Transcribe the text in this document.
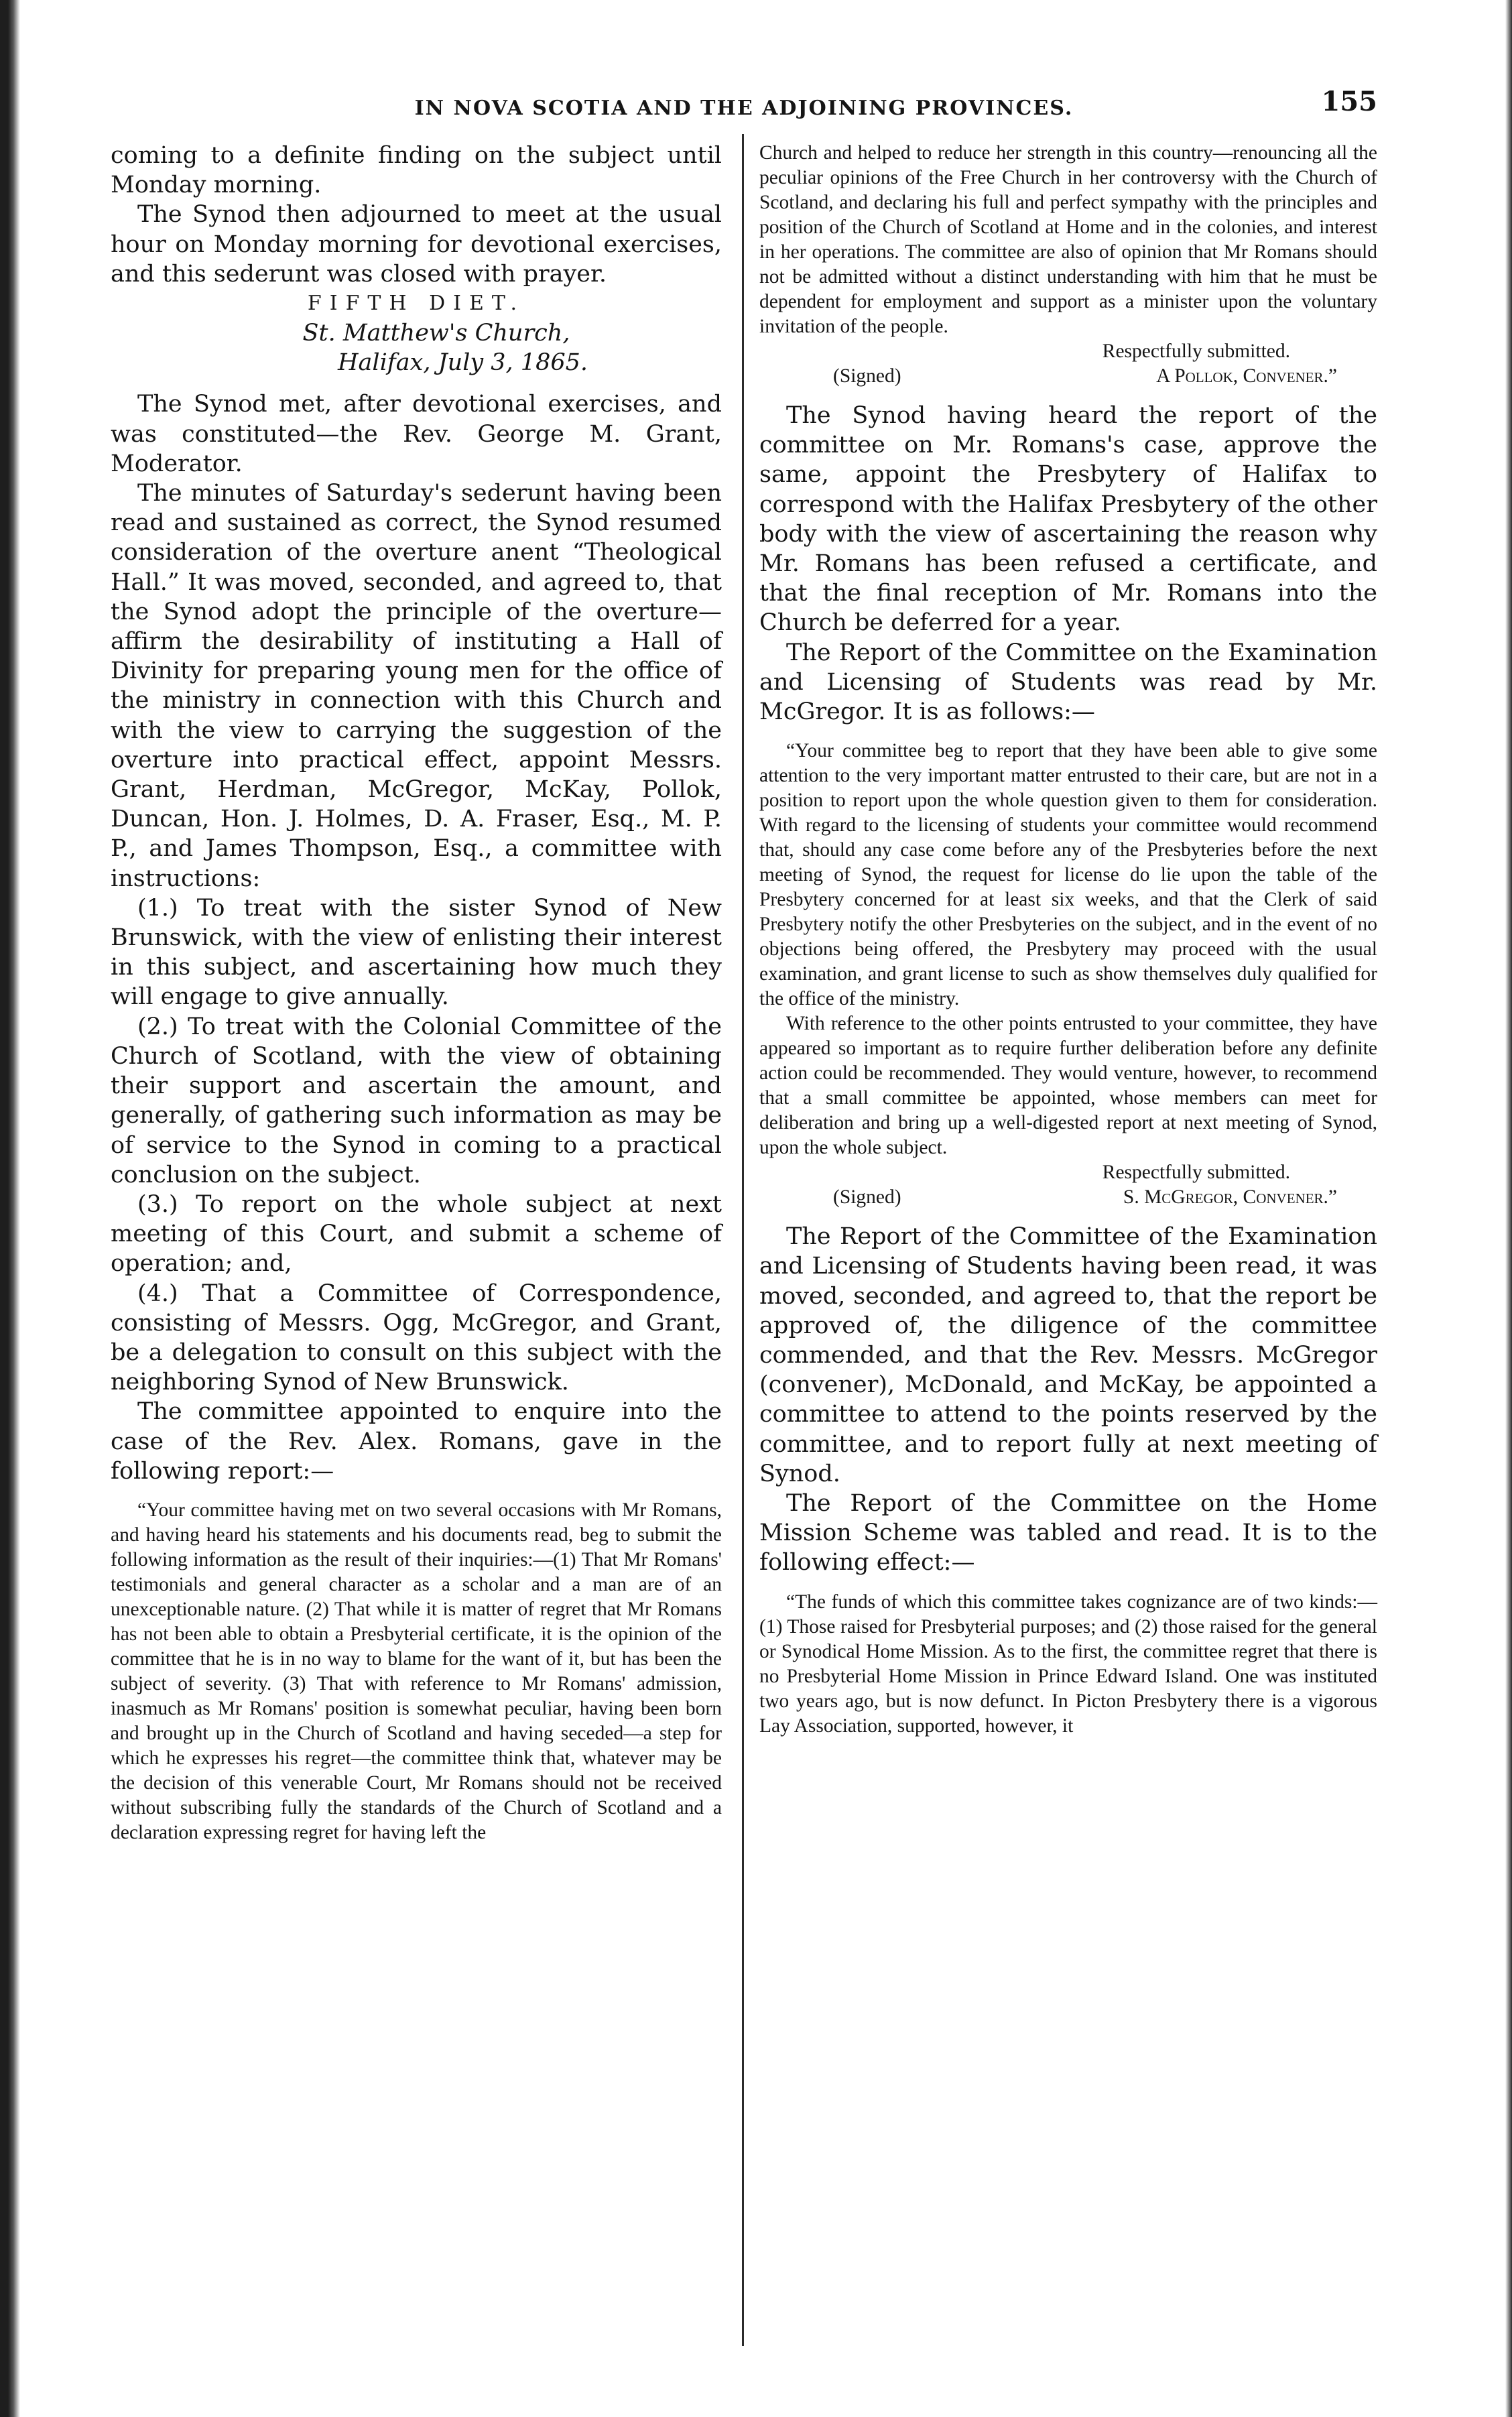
IN NOVA SCOTIA AND THE ADJOINING PROVINCES.	155

coming to a definite finding on the subject until Monday morning.

The Synod then adjourned to meet at the usual hour on Monday morning for devotional exercises, and this sederunt was closed with prayer.

FIFTH DIET.

St. Matthew's Church,
Halifax, July 3, 1865.

The Synod met, after devotional exercises, and was constituted—the Rev. George M. Grant, Moderator.

The minutes of Saturday's sederunt having been read and sustained as correct, the Synod resumed consideration of the overture anent “Theological Hall.” It was moved, seconded, and agreed to, that the Synod adopt the principle of the overture—affirm the desirability of instituting a Hall of Divinity for preparing young men for the office of the ministry in connection with this Church and with the view to carrying the suggestion of the overture into practical effect, appoint Messrs. Grant, Herdman, McGregor, McKay, Pollok, Duncan, Hon. J. Holmes, D. A. Fraser, Esq., M. P. P., and James Thompson, Esq., a committee with instructions:

(1.) To treat with the sister Synod of New Brunswick, with the view of enlisting their interest in this subject, and ascertaining how much they will engage to give annually.

(2.) To treat with the Colonial Committee of the Church of Scotland, with the view of obtaining their support and ascertain the amount, and generally, of gathering such information as may be of service to the Synod in coming to a practical conclusion on the subject.

(3.) To report on the whole subject at next meeting of this Court, and submit a scheme of operation; and,

(4.) That a Committee of Correspondence, consisting of Messrs. Ogg, McGregor, and Grant, be a delegation to consult on this subject with the neighboring Synod of New Brunswick.

The committee appointed to enquire into the case of the Rev. Alex. Romans, gave in the following report:—

“Your committee having met on two several occasions with Mr Romans, and having heard his statements and his documents read, beg to submit the following information as the result of their inquiries:—(1) That Mr Romans' testimonials and general character as a scholar and a man are of an unexceptionable nature. (2) That while it is matter of regret that Mr Romans has not been able to obtain a Presbyterial certificate, it is the opinion of the committee that he is in no way to blame for the want of it, but has been the subject of severity. (3) That with reference to Mr Romans' admission, inasmuch as Mr Romans' position is somewhat peculiar, having been born and brought up in the Church of Scotland and having seceded—a step for which he expresses his regret—the committee think that, whatever may be the decision of this venerable Court, Mr Romans should not be received without subscribing fully the standards of the Church of Scotland and a declaration expressing regret for having left the

Church and helped to reduce her strength in this country—renouncing all the peculiar opinions of the Free Church in her controversy with the Church of Scotland, and declaring his full and perfect sympathy with the principles and position of the Church of Scotland at Home and in the colonies, and interest in her operations. The committee are also of opinion that Mr Romans should not be admitted without a distinct understanding with him that he must be dependent for employment and support as a minister upon the voluntary invitation of the people.

Respectfully submitted.

(Signed)	A Pollok, Convener.”

The Synod having heard the report of the committee on Mr. Romans's case, approve the same, appoint the Presbytery of Halifax to correspond with the Halifax Presbytery of the other body with the view of ascertaining the reason why Mr. Romans has been refused a certificate, and that the final reception of Mr. Romans into the Church be deferred for a year.

The Report of the Committee on the Examination and Licensing of Students was read by Mr. McGregor. It is as follows:—

“Your committee beg to report that they have been able to give some attention to the very important matter entrusted to their care, but are not in a position to report upon the whole question given to them for consideration. With regard to the licensing of students your committee would recommend that, should any case come before any of the Presbyteries before the next meeting of Synod, the request for license do lie upon the table of the Presbytery concerned for at least six weeks, and that the Clerk of said Presbytery notify the other Presbyteries on the subject, and in the event of no objections being offered, the Presbytery may proceed with the usual examination, and grant license to such as show themselves duly qualified for the office of the ministry.

With reference to the other points entrusted to your committee, they have appeared so important as to require further deliberation before any definite action could be recommended. They would venture, however, to recommend that a small committee be appointed, whose members can meet for deliberation and bring up a well-digested report at next meeting of Synod, upon the whole subject.

Respectfully submitted.

(Signed)	S. McGregor, Convener.”

The Report of the Committee of the Examination and Licensing of Students having been read, it was moved, seconded, and agreed to, that the report be approved of, the diligence of the committee commended, and that the Rev. Messrs. McGregor (convener), McDonald, and McKay, be appointed a committee to attend to the points reserved by the committee, and to report fully at next meeting of Synod.

The Report of the Committee on the Home Mission Scheme was tabled and read. It is to the following effect:—

“The funds of which this committee takes cognizance are of two kinds:—(1) Those raised for Presbyterial purposes; and (2) those raised for the general or Synodical Home Mission. As to the first, the committee regret that there is no Presbyterial Home Mission in Prince Edward Island. One was instituted two years ago, but is now defunct. In Picton Presbytery there is a vigorous Lay Association, supported, however, it
